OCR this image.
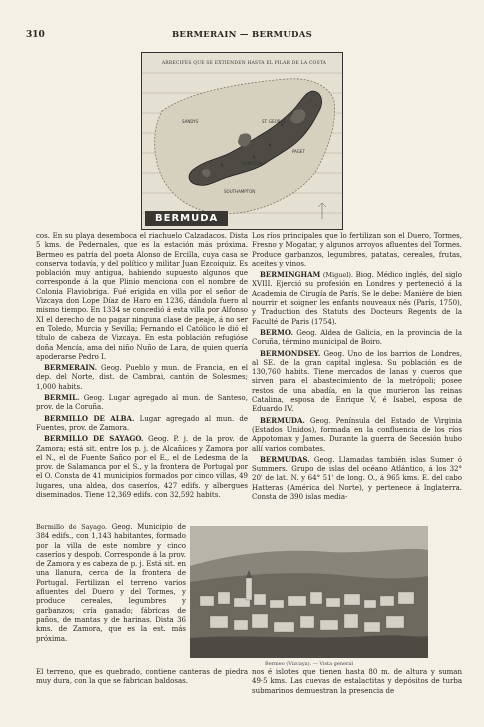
310	BERMERAIN — BERMUDAS
ST. GEORGE
HAMILTON
PAGET
SANDYS
SOUTHAMPTON
ARRECIFES QUE SE EXTIENDEN HASTA EL PILAR DE LA COSTA
BERMUDA

cos. En su playa desemboca el riachuelo Calzadacos. Dista 5 kms. de Pedernales, que es la estación más próxima. Bermeo es patria del poeta Alonso de Ercilla, cuya casa se conserva todavía, y del político y militar Juan Ezcoiquiz. Es población muy antigua, habiendo supuesto algunos que corresponde á la que Plinio menciona con el nombre de Colonia Flaviobriga. Fué erigida en villa por el señor de Vizcaya don Lope Díaz de Haro en 1236, dándola fuero al mismo tiempo. En 1334 se concedió á esta villa por Alfonso XI el derecho de no pagar ninguna clase de peaje, á no ser en Toledo, Murcia y Sevilla; Fernando el Católico le dió el título de cabeza de Vizcaya. En esta población refugióse doña Mencía, ama del niño Nuño de Lara, de quien quería apoderarse Pedro I.

BERMERAIN. Geog. Pueblo y mun. de Francia, en el dep. del Norte, dist. de Cambrai, cantón de Solesmes; 1,000 habits.

BERMIL. Geog. Lugar agregado al mun. de Santeso, prov. de la Coruña.

BERMILLO DE ALBA. Lugar agregado al mun. de Fuentes, prov. de Zamora.

BERMILLO DE SAYAGO. Geog. P. j. de la prov. de Zamora; está sit. entre los p. j. de Alcañices y Zamora por el N., el de Fuente Sañco por el E., el de Ledesma de la prov. de Salamanca por el S., y la frontera de Portugal por el O. Consta de 41 municipios formados por cinco villas, 49 lugares, una aldea, dos caseríos, 427 edifs. y albergues diseminados. Tiene 12,369 edifs. con 32,592 habits.

Bermillo de Sayago. Geog. Municipio de 384 edifs., con 1,143 habitantes, formado por la villa de este nombre y cinco caseríos y despob. Corresponde á la prov. de Zamora y es cabeza de p. j. Está sit. en una llanura, cerca de la frontera de Portugal. Fertilizan el terreno varios afluentes del Duero y del Tormes, y produce cereales, legumbres y garbanzos; cría ganado; fábricas de paños, de mantas y de harinas. Dista 36 kms. de Zamora, que es la est. más próxima.

Los ríos principales que lo fertilizan son el Duero, Tormes, Fresno y Mogatar, y algunos arroyos afluentes del Tormes. Produce garbanzos, legumbres, patatas, cereales, frutas, aceites y vinos.

BERMINGHAM (Miguel). Biog. Médico inglés, del siglo XVIII. Ejerció su profesión en Londres y perteneció á la Academia de Cirugía de París. Se le debe: Manière de bien nourrir et soigner les enfants nouveaux nés (París, 1750), y Traduction des Statuts des Docteurs Regents de la Faculté de Paris (1754).

BERMO. Geog. Aldea de Galicia, en la provincia de la Coruña, término municipal de Boiro.

BERMONDSEY. Geog. Uno de los barrios de Londres, al SE. de la gran capital inglesa. Su población es de 130,760 habits. Tiene mercados de lanas y cueros que sirven para el abastecimiento de la metrópoli; posee restos de una abadía, en la que murieron las reinas Catalina, esposa de Enrique V, é Isabel, esposa de Eduardo IV.

BERMUDA. Geog. Península del Estado de Virginia (Estados Unidos), formada en la confluencia de los ríos Appotomax y James. Durante la guerra de Secesión hubo allí varios combates.

BERMUDAS. Geog. Llamadas también islas Sumer ó Summers. Grupo de islas del océano Atlántico, á los 32° 20' de lat. N. y 64° 51' de long. O., á 965 kms. E. del cabo Hatteras (América del Norte), y pertenece á Inglaterra. Consta de 390 islas media-

Bermeo (Vizcaya). — Vista general
El terreno, que es quebrado, contiene canteras de piedra muy dura, con la que se fabrican baldosas.
nos é islotes que tienen hasta 80 m. de altura y suman 49·5 kms. Las cuevas de estalactitas y depósitos de turba submarinos demuestran la presencia de
